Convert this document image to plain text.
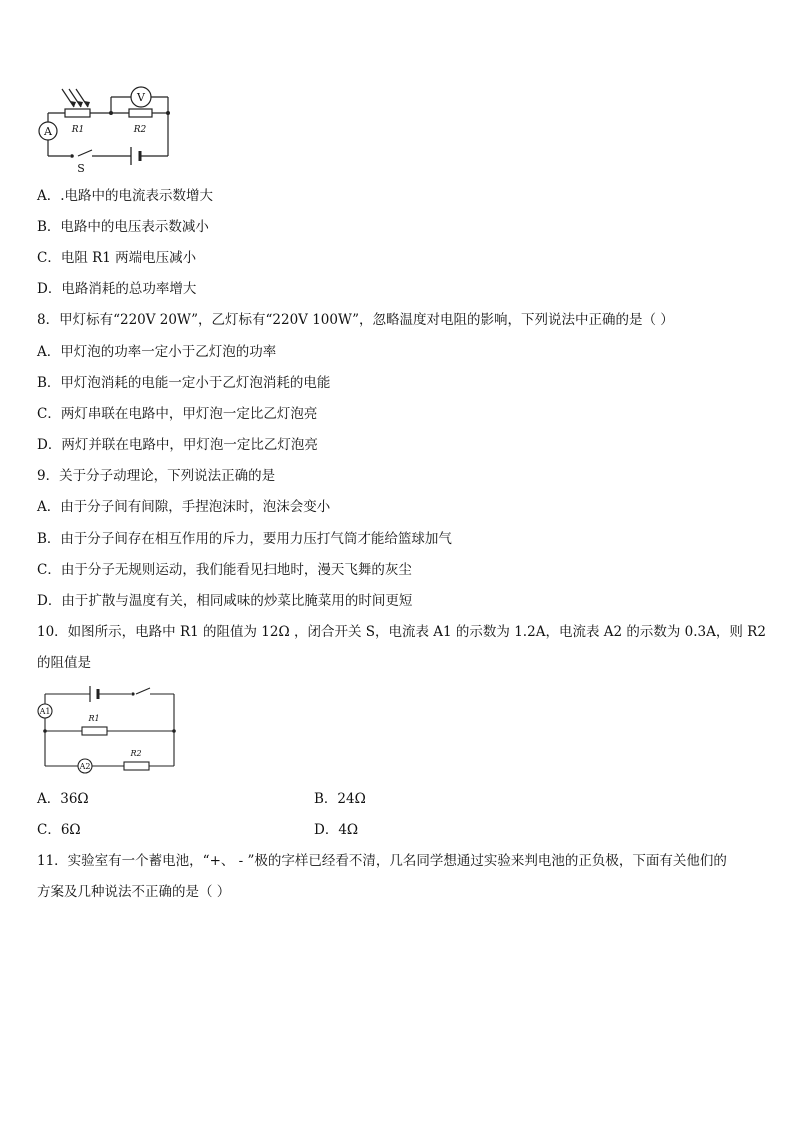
V
A R1	R2
S
A．.电路中的电流表示数增大
B．电路中的电压表示数减小
C．电阻 R1 两端电压减小
D．电路消耗的总功率增大
8．甲灯标有“220V 20W”，乙灯标有“220V 100W”，忽略温度对电阻的影响，下列说法中正确的是（ ）
A．甲灯泡的功率一定小于乙灯泡的功率
B．甲灯泡消耗的电能一定小于乙灯泡消耗的电能
C．两灯串联在电路中，甲灯泡一定比乙灯泡亮
D．两灯并联在电路中，甲灯泡一定比乙灯泡亮
9．关于分子动理论，下列说法正确的是
A．由于分子间有间隙，手捏泡沫时，泡沫会变小
B．由于分子间存在相互作用的斥力，要用力压打气筒才能给篮球加气
C．由于分子无规则运动，我们能看见扫地时，漫天飞舞的灰尘
D．由于扩散与温度有关，相同咸味的炒菜比腌菜用的时间更短
10．如图所示，电路中 R1 的阻值为 12Ω ，闭合开关 S，电流表 A1 的示数为 1.2A，电流表 A2 的示数为 0.3A，则 R2
的阻值是
A1
A2
R1
R2
A．36Ω	B．24Ω
C．6Ω	D．4Ω
11．实验室有一个蓄电池，“+、 - ”极的字样已经看不清，几名同学想通过实验来判电池的正负极，下面有关他们的
方案及几种说法不正确的是（ ）
